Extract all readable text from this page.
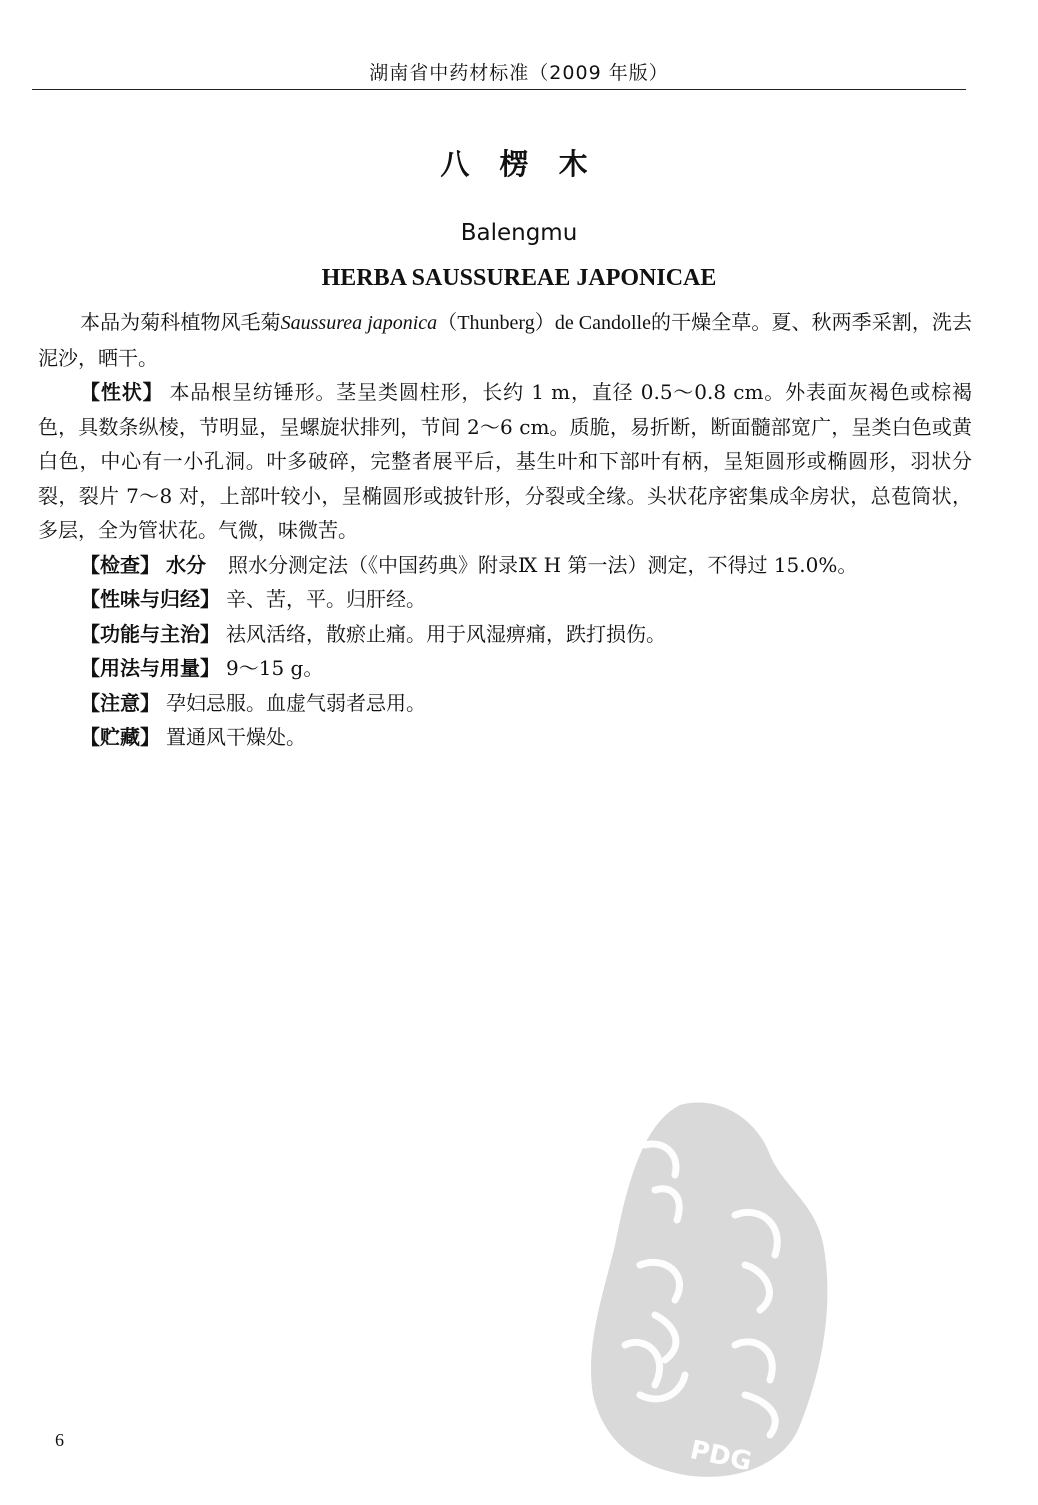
湖南省中药材标准（2009 年版）
八 楞 木
Balengmu
HERBA SAUSSUREAE JAPONICAE

本品为菊科植物风毛菊Saussurea japonica（Thunberg）de Candolle的干燥全草。夏、秋两季采割，洗去泥沙，晒干。

【性状】 本品根呈纺锤形。茎呈类圆柱形，长约 1 m，直径 0.5～0.8 cm。外表面灰褐色或棕褐色，具数条纵棱，节明显，呈螺旋状排列，节间 2～6 cm。质脆，易折断，断面髓部宽广，呈类白色或黄白色，中心有一小孔洞。叶多破碎，完整者展平后，基生叶和下部叶有柄，呈矩圆形或椭圆形，羽状分裂，裂片 7～8 对，上部叶较小，呈椭圆形或披针形，分裂或全缘。头状花序密集成伞房状，总苞筒状，多层，全为管状花。气微，味微苦。

【检查】 水分 照水分测定法（《中国药典》附录Ⅸ H 第一法）测定，不得过 15.0%。

【性味与归经】 辛、苦，平。归肝经。

【功能与主治】 祛风活络，散瘀止痛。用于风湿痹痛，跌打损伤。

【用法与用量】 9～15 g。

【注意】 孕妇忌服。血虚气弱者忌用。

【贮藏】 置通风干燥处。

PDG
6
